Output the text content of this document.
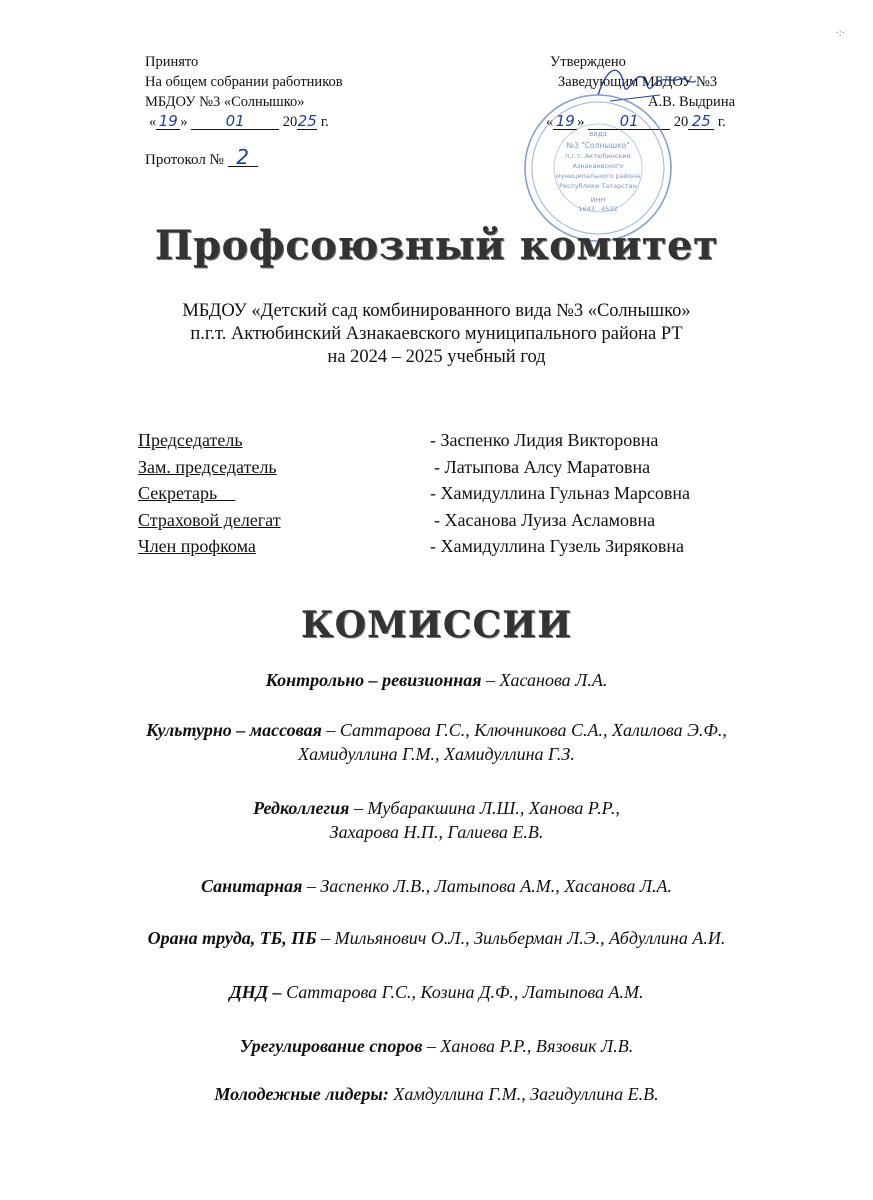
Принято
На общем собрании работников
МБДОУ №3 «Солнышко»
« 19 »	01	2025 г.
Протокол № 2
Утверждено
Заведующим МБДОУ №3
А.В. Выдрина
« 19 » 01 20 25 г.
вида
№3 "Солнышко"
п.г.т. Актюбинский
Азнакаевского
муниципального района
Республики Татарстан
ИНН
1643...4532
·:·
Профсоюзный комитет
МБДОУ «Детский сад комбинированного вида №3 «Солнышко»
п.г.т. Актюбинский Азнакаевского муниципального района РТ
на 2024 – 2025 учебный год
Председатель	- Заспенко Лидия Викторовна
Зам. председатель	- Латыпова Алсу Маратовна
Секретарь	- Хамидуллина Гульназ Марсовна
Страховой делегат	- Хасанова Луиза Асламовна
Член профкома	- Хамидуллина Гузель Зиряковна
КОМИССИИ
Контрольно – ревизионная – Хасанова Л.А.
Культурно – массовая – Саттарова Г.С., Ключникова С.А., Халилова Э.Ф.,
Хамидуллина Г.М., Хамидуллина Г.З.
Редколлегия – Мубаракшина Л.Ш., Ханова Р.Р.,
Захарова Н.П., Галиева Е.В.
Санитарная – Заспенко Л.В., Латыпова А.М., Хасанова Л.А.
Орана труда, ТБ, ПБ – Мильянович О.Л., Зильберман Л.Э., Абдуллина А.И.
ДНД – Саттарова Г.С., Козина Д.Ф., Латыпова А.М.
Урегулирование споров – Ханова Р.Р., Вязовик Л.В.
Молодежные лидеры: Хамдуллина Г.М., Загидуллина Е.В.
